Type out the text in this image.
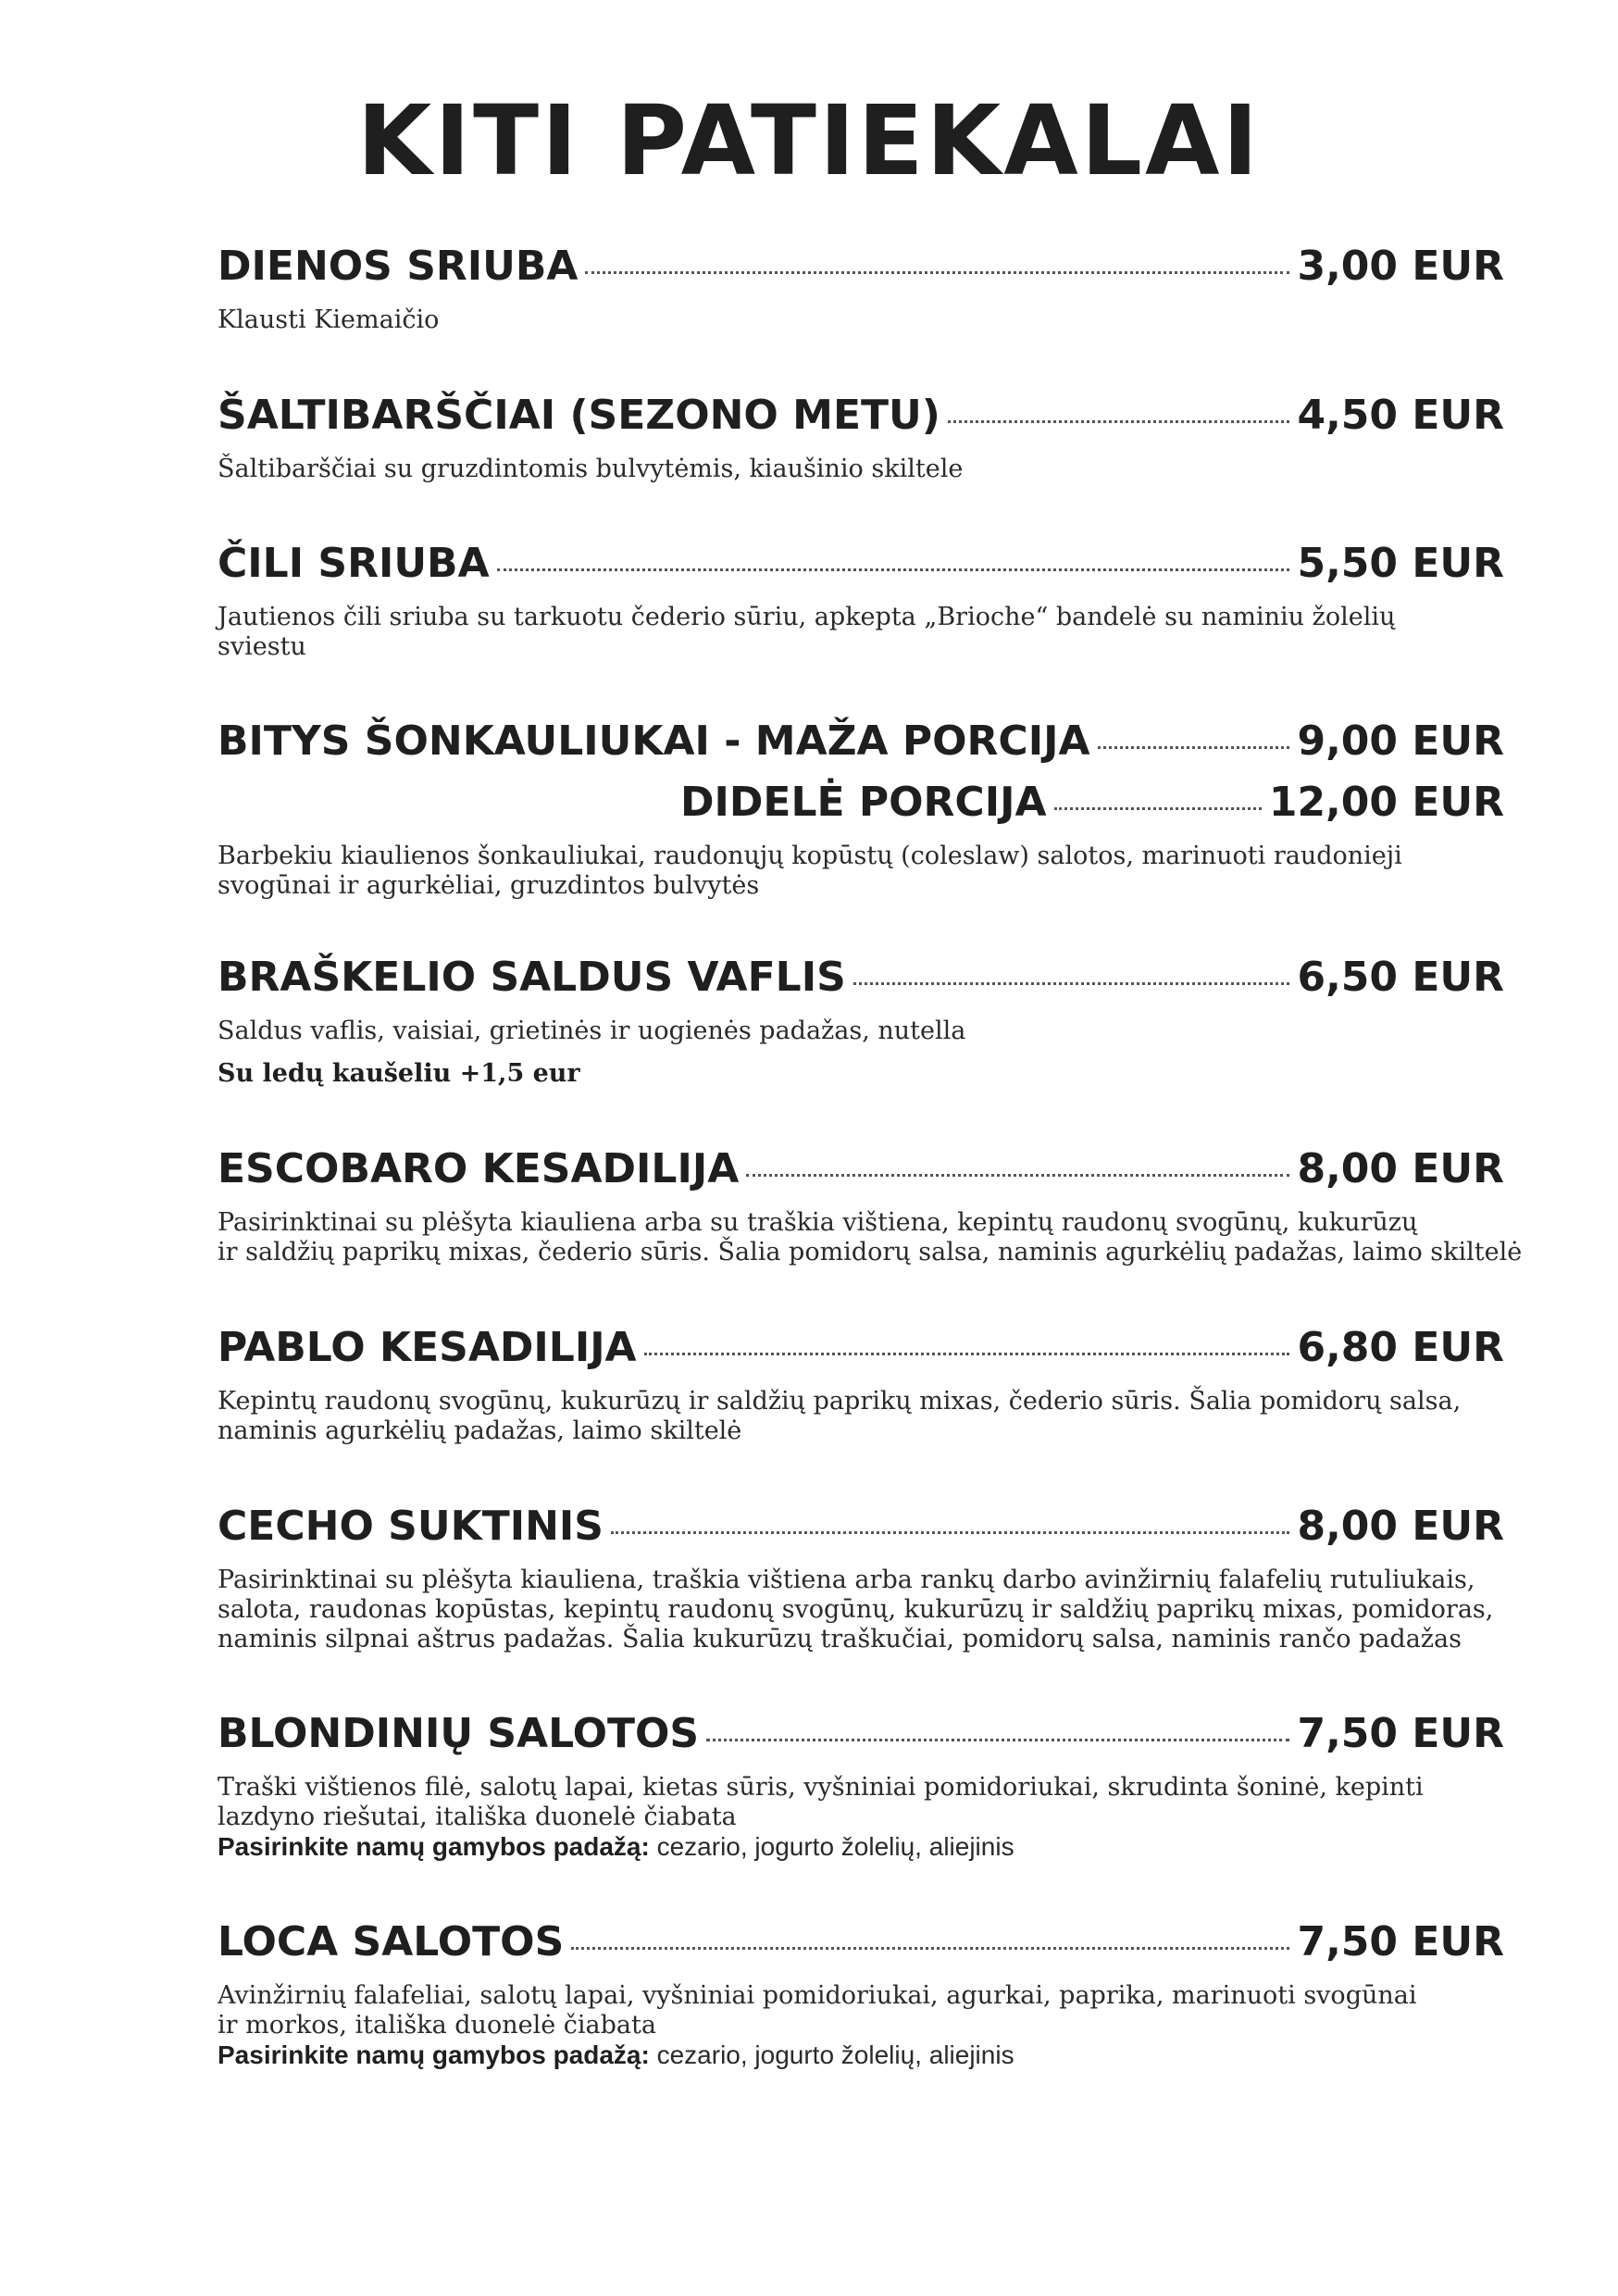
KITI PATIEKALAI
DIENOS SRIUBA	3,00 EUR
Klausti Kiemaičio
ŠALTIBARŠČIAI (SEZONO METU)	4,50 EUR
Šaltibarščiai su gruzdintomis bulvytėmis, kiaušinio skiltele
ČILI SRIUBA	5,50 EUR
Jautienos čili sriuba su tarkuotu čederio sūriu, apkepta „Brioche“ bandelė su naminiu žolelių
sviestu
BITYS ŠONKAULIUKAI - MAŽA PORCIJA	9,00 EUR
DIDELĖ PORCIJA	12,00 EUR
Barbekiu kiaulienos šonkauliukai, raudonųjų kopūstų (coleslaw) salotos, marinuoti raudonieji
svogūnai ir agurkėliai, gruzdintos bulvytės
BRAŠKELIO SALDUS VAFLIS	6,50 EUR
Saldus vaflis, vaisiai, grietinės ir uogienės padažas, nutella
Su ledų kaušeliu +1,5 eur
ESCOBARO KESADILIJA	8,00 EUR
Pasirinktinai su plėšyta kiauliena arba su traškia vištiena, kepintų raudonų svogūnų, kukurūzų
ir saldžių paprikų mixas, čederio sūris. Šalia pomidorų salsa, naminis agurkėlių padažas, laimo skiltelė
PABLO KESADILIJA	6,80 EUR
Kepintų raudonų svogūnų, kukurūzų ir saldžių paprikų mixas, čederio sūris. Šalia pomidorų salsa,
naminis agurkėlių padažas, laimo skiltelė
CECHO SUKTINIS	8,00 EUR
Pasirinktinai su plėšyta kiauliena, traškia vištiena arba rankų darbo avinžirnių falafelių rutuliukais,
salota, raudonas kopūstas, kepintų raudonų svogūnų, kukurūzų ir saldžių paprikų mixas, pomidoras,
naminis silpnai aštrus padažas. Šalia kukurūzų traškučiai, pomidorų salsa, naminis rančo padažas
BLONDINIŲ SALOTOS	7,50 EUR
Traški vištienos filė, salotų lapai, kietas sūris, vyšniniai pomidoriukai, skrudinta šoninė, kepinti
lazdyno riešutai, itališka duonelė čiabata
Pasirinkite namų gamybos padažą: cezario, jogurto žolelių, aliejinis
LOCA SALOTOS	7,50 EUR
Avinžirnių falafeliai, salotų lapai, vyšniniai pomidoriukai, agurkai, paprika, marinuoti svogūnai
ir morkos, itališka duonelė čiabata
Pasirinkite namų gamybos padažą: cezario, jogurto žolelių, aliejinis
